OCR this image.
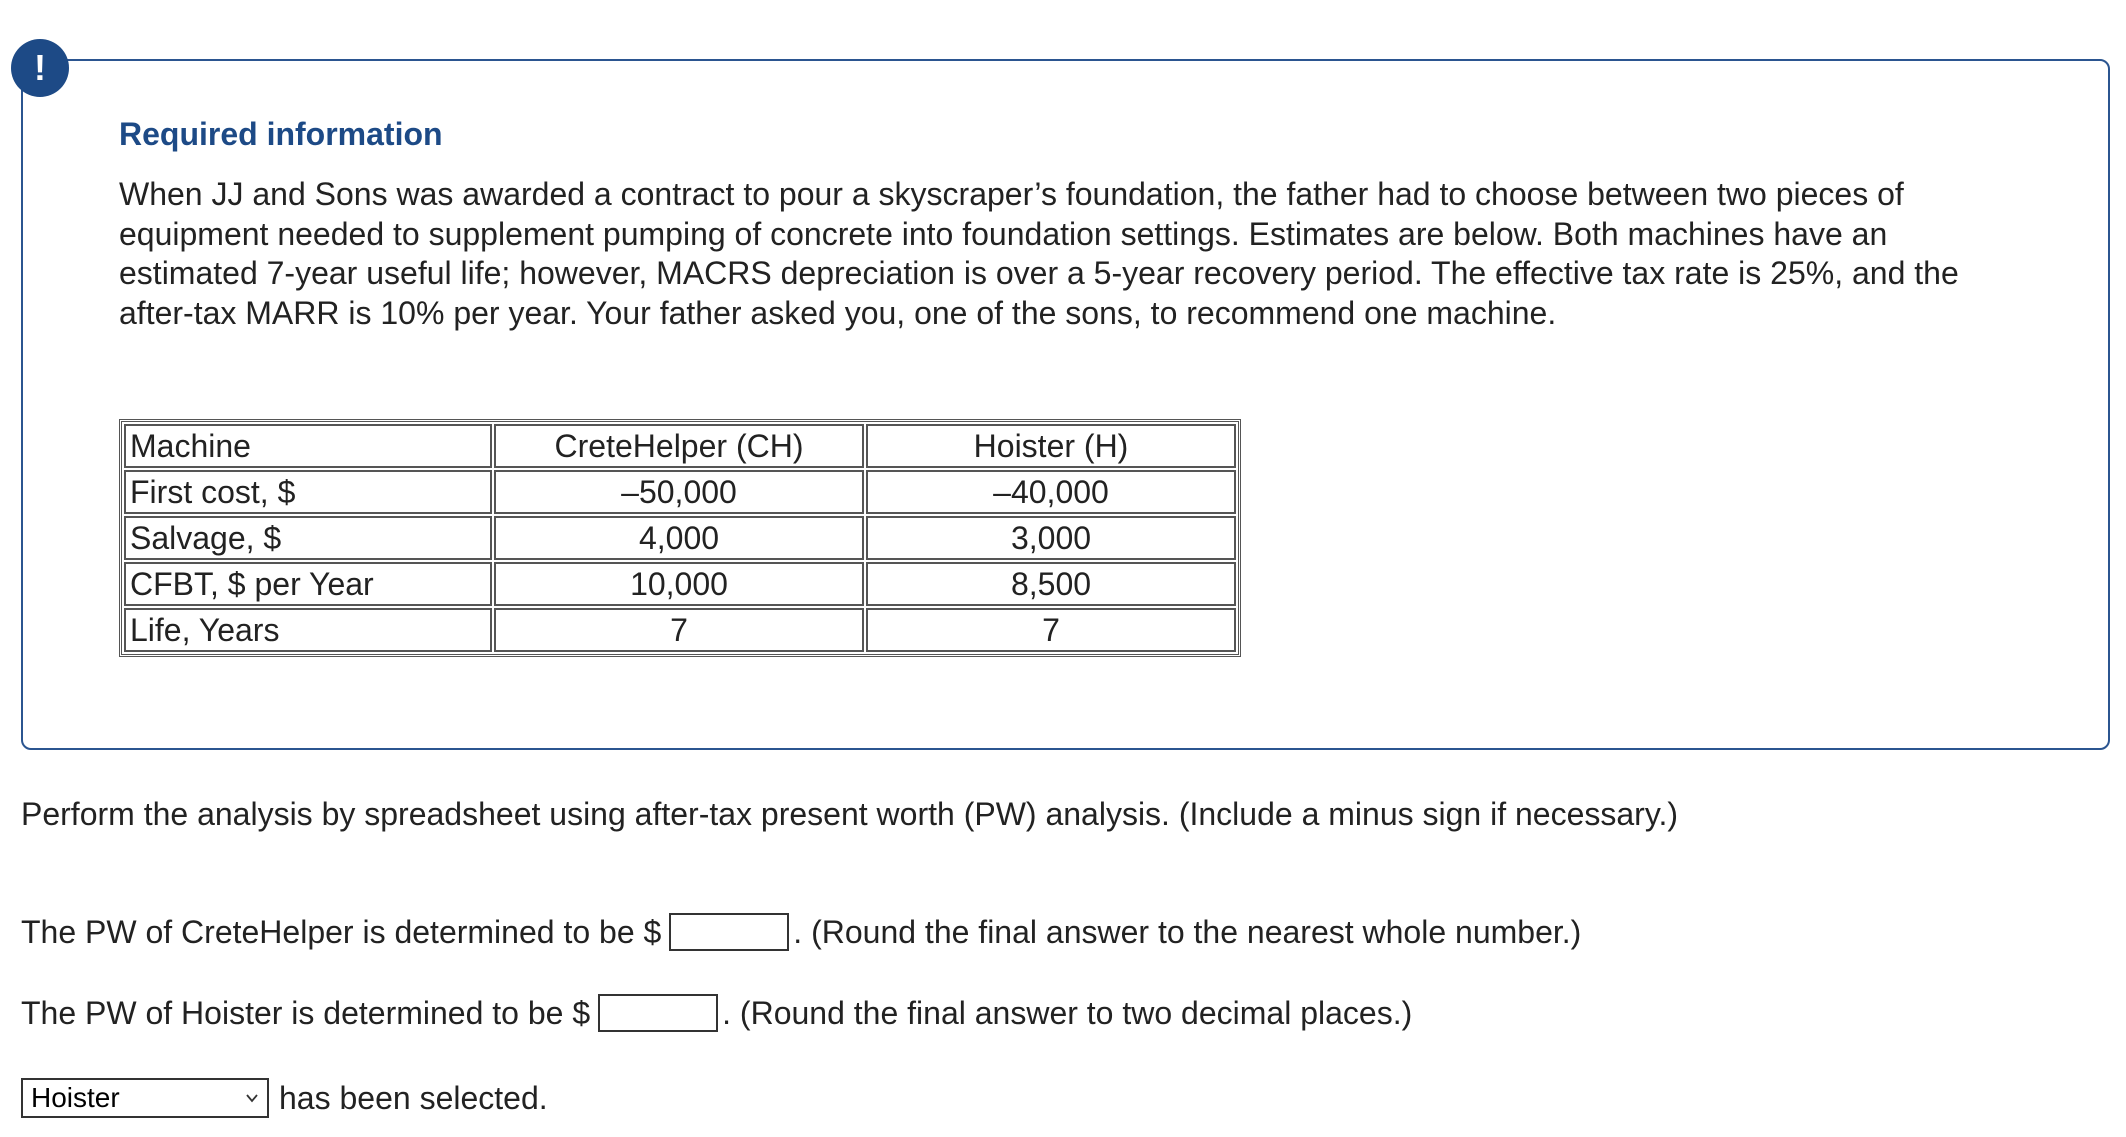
!
Required information

When JJ and Sons was awarded a contract to pour a skyscraper’s foundation, the father had to choose between two pieces of equipment needed to supplement pumping of concrete into foundation settings. Estimates are below. Both machines have an estimated 7-year useful life; however, MACRS depreciation is over a 5-year recovery period. The effective tax rate is 25%, and the after-tax MARR is 10% per year. Your father asked you, one of the sons, to recommend one machine.

Machine	CreteHelper (CH)	Hoister (H)
First cost, $	–50,000	–40,000
Salvage, $	4,000	3,000
CFBT, $ per Year	10,000	8,500
Life, Years	7	7

Perform the analysis by spreadsheet using after-tax present worth (PW) analysis. (Include a minus sign if necessary.)

The PW of CreteHelper is determined to be $	. (Round the final answer to the nearest whole number.)
The PW of Hoister is determined to be $	. (Round the final answer to two decimal places.)
Hoister	has been selected.
